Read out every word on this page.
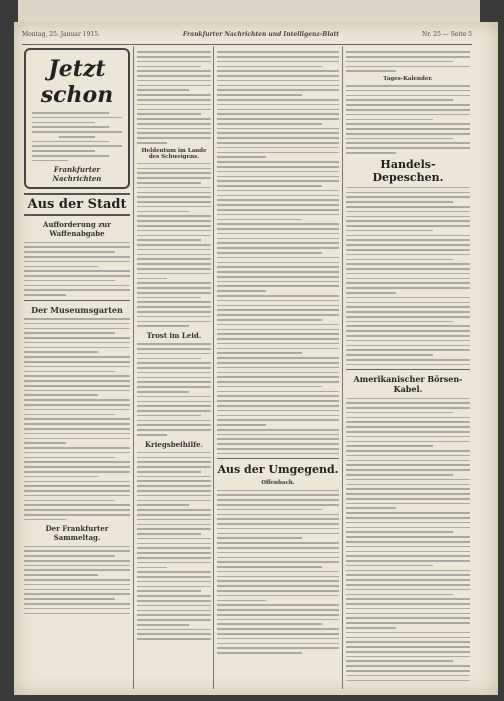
Montag, 25. Januar 1915.	Frankfurter Nachrichten und Intelligenz-Blatt	Nr. 25 — Seite 5
Jetzt schon
Frankfurter Nachrichten
Aus der Stadt
Aufforderung zur Waffenabgabe
Der Museumsgarten
Der Frankfurter Sammeltag.
Heldentum im Lande des Schweigens.
Trost im Leid.
Kriegsbeihilfe.
Aus der Umgegend.
Offenbach.
Tages-Kalender.
Handels-Depeschen.
Amerikanischer Börsen-Kabel.
